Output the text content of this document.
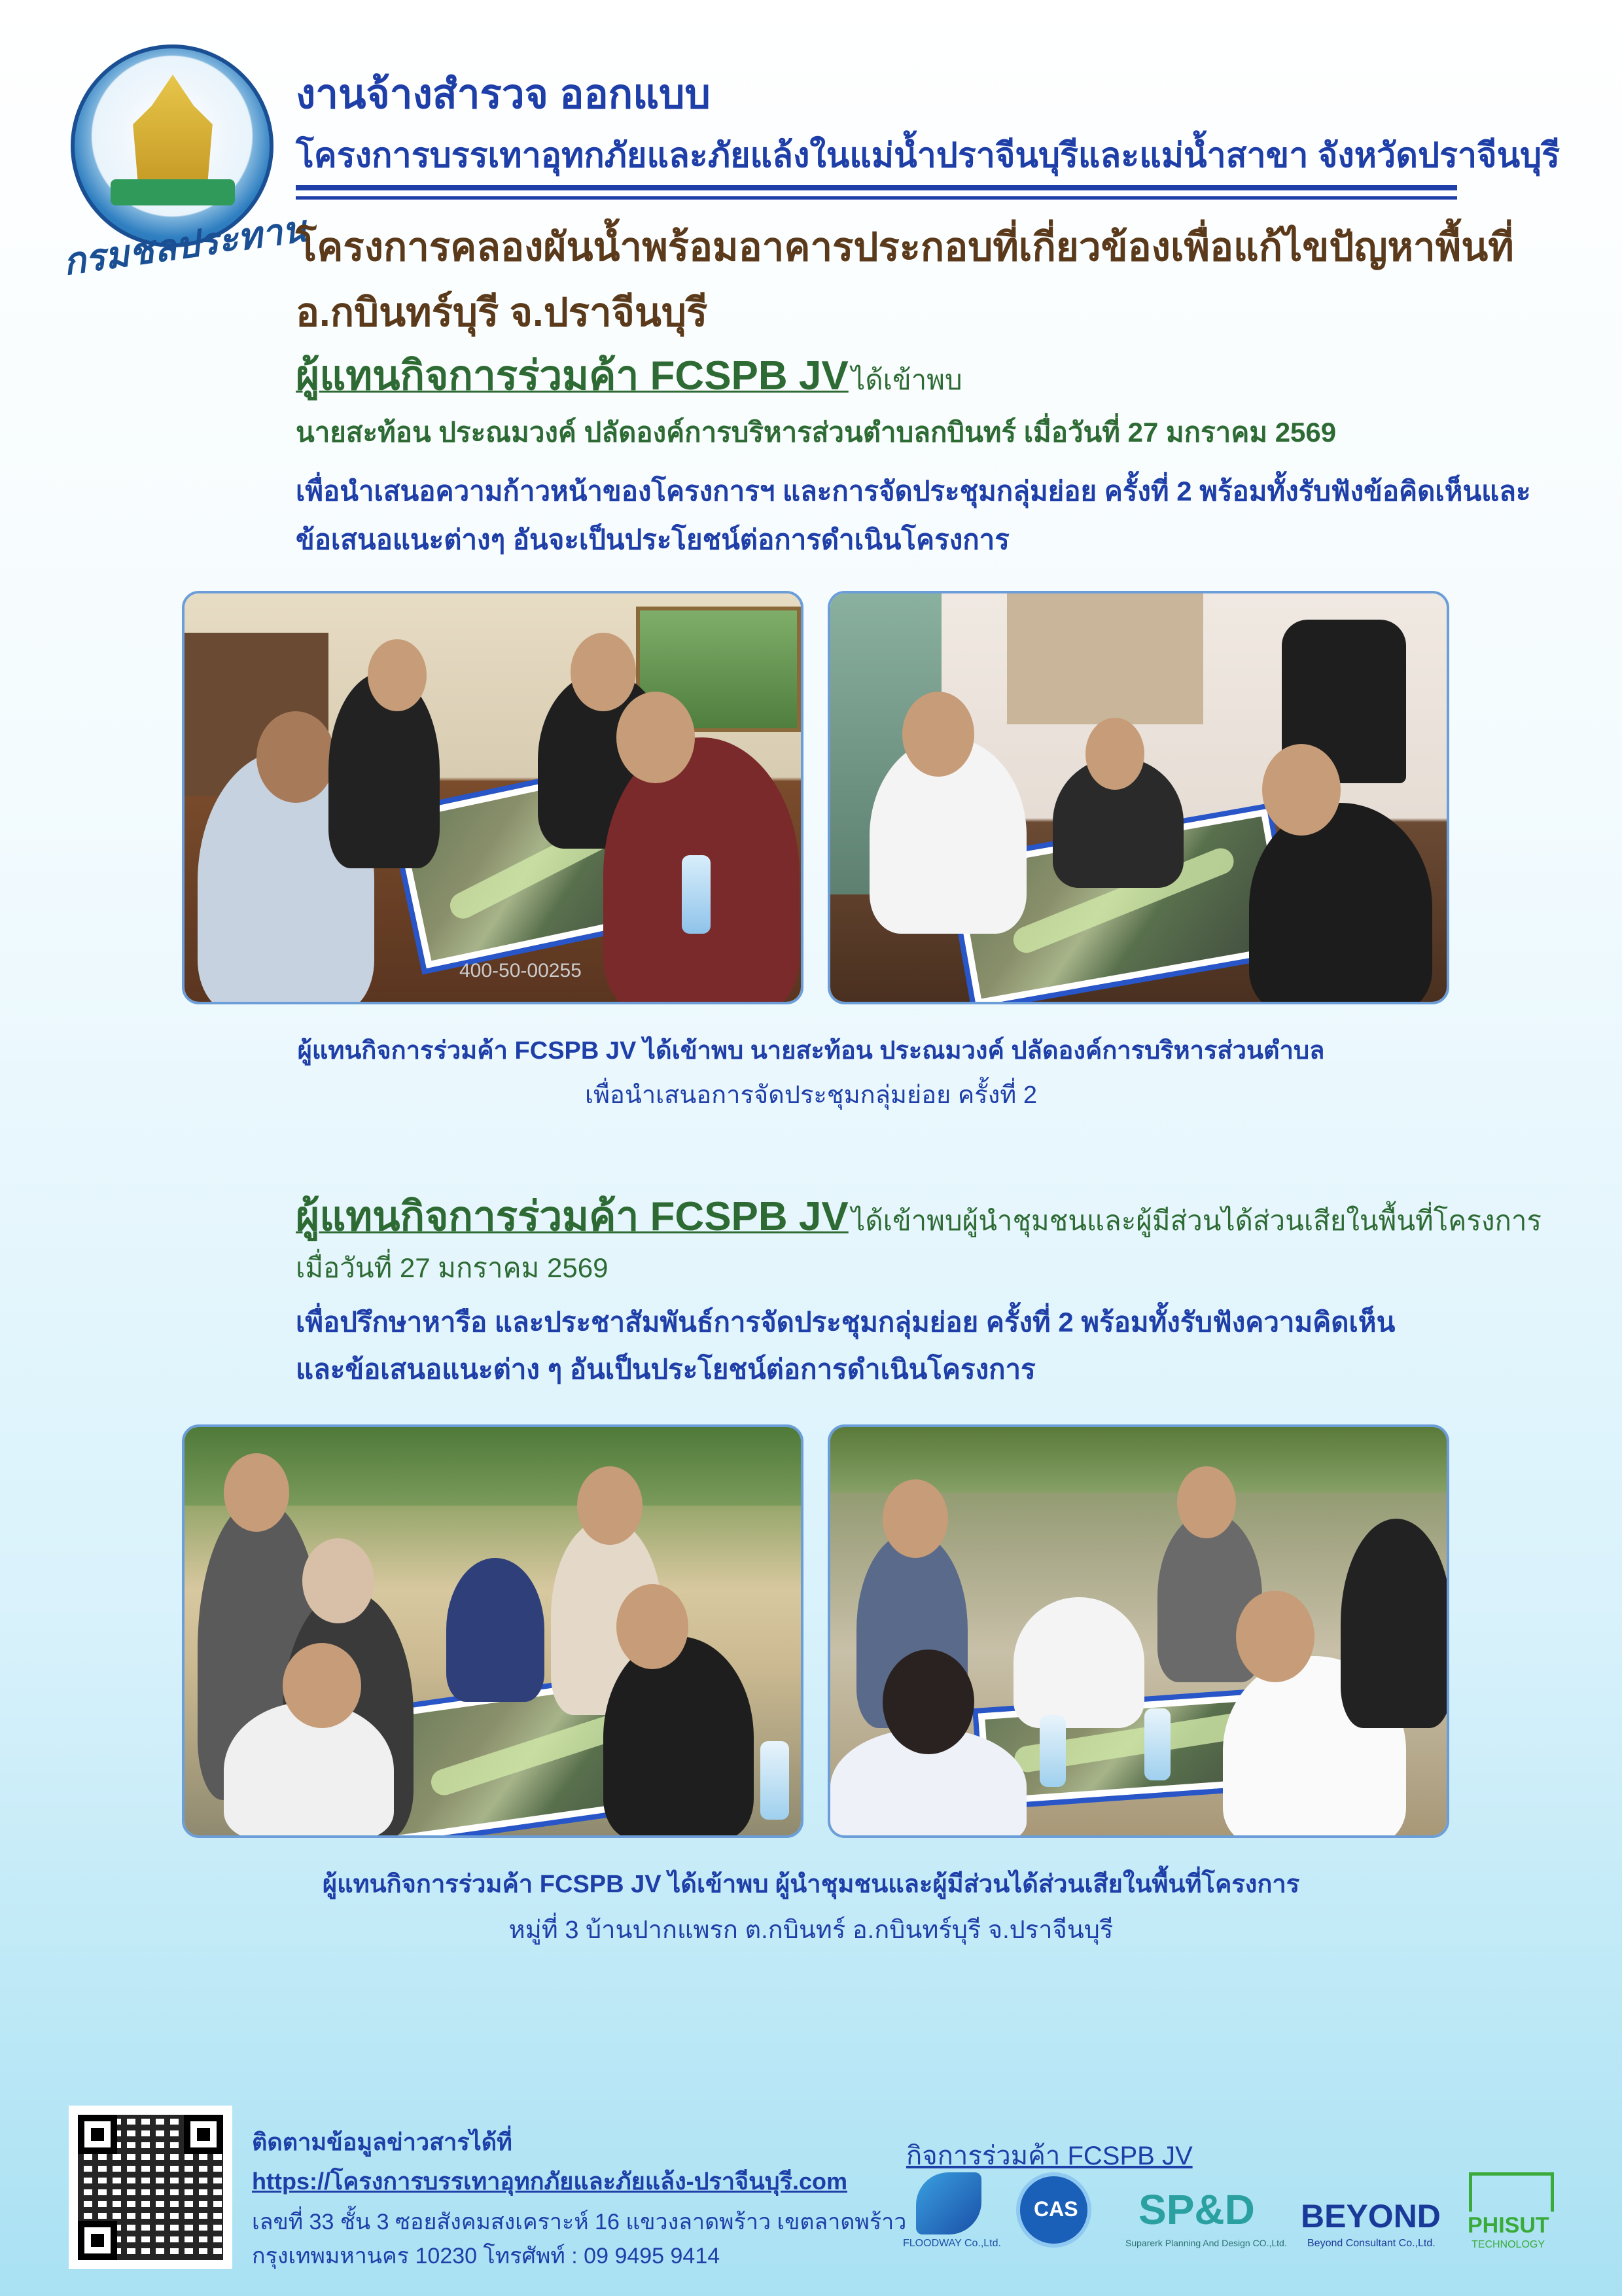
กรมชลประทาน
งานจ้างสำรวจ ออกแบบ
โครงการบรรเทาอุทกภัยและภัยแล้งในแม่น้ำปราจีนบุรีและแม่น้ำสาขา จังหวัดปราจีนบุรี
โครงการคลองผันน้ำพร้อมอาคารประกอบที่เกี่ยวข้องเพื่อแก้ไขปัญหาพื้นที่
อ.กบินทร์บุรี จ.ปราจีนบุรี
ผู้แทนกิจการร่วมค้า FCSPB JV ได้เข้าพบ
นายสะท้อน ประณมวงค์ ปลัดองค์การบริหารส่วนตำบลกบินทร์ เมื่อวันที่ 27 มกราคม 2569
เพื่อนำเสนอความก้าวหน้าของโครงการฯ และการจัดประชุมกลุ่มย่อย ครั้งที่ 2 พร้อมทั้งรับฟังข้อคิดเห็นและ
ข้อเสนอแนะต่างๆ อันจะเป็นประโยชน์ต่อการดำเนินโครงการ
400-50-00255
ผู้แทนกิจการร่วมค้า FCSPB JV ได้เข้าพบ นายสะท้อน ประณมวงค์ ปลัดองค์การบริหารส่วนตำบล
เพื่อนำเสนอการจัดประชุมกลุ่มย่อย ครั้งที่ 2
ผู้แทนกิจการร่วมค้า FCSPB JV ได้เข้าพบผู้นำชุมชนและผู้มีส่วนได้ส่วนเสียในพื้นที่โครงการ
เมื่อวันที่ 27 มกราคม 2569
เพื่อปรึกษาหารือ และประชาสัมพันธ์การจัดประชุมกลุ่มย่อย ครั้งที่ 2 พร้อมทั้งรับฟังความคิดเห็น
และข้อเสนอแนะต่าง ๆ อันเป็นประโยชน์ต่อการดำเนินโครงการ
ผู้แทนกิจการร่วมค้า FCSPB JV ได้เข้าพบ ผู้นำชุมชนและผู้มีส่วนได้ส่วนเสียในพื้นที่โครงการ
หมู่ที่ 3 บ้านปากแพรก ต.กบินทร์ อ.กบินทร์บุรี จ.ปราจีนบุรี
ติดตามข้อมูลข่าวสารได้ที่
https://โครงการบรรเทาอุทกภัยและภัยแล้ง-ปราจีนบุรี.com
เลขที่ 33 ชั้น 3 ซอยสังคมสงเคราะห์ 16 แขวงลาดพร้าว เขตลาดพร้าว
กรุงเทพมหานคร 10230 โทรศัพท์ : 09 9495 9414
กิจการร่วมค้า FCSPB JV
FLOODWAY Co.,Ltd.
CAS SP&D
Suparerk Planning And Design CO.,Ltd.
BEYOND
Beyond Consultant Co.,Ltd.
PHISUT
TECHNOLOGY
